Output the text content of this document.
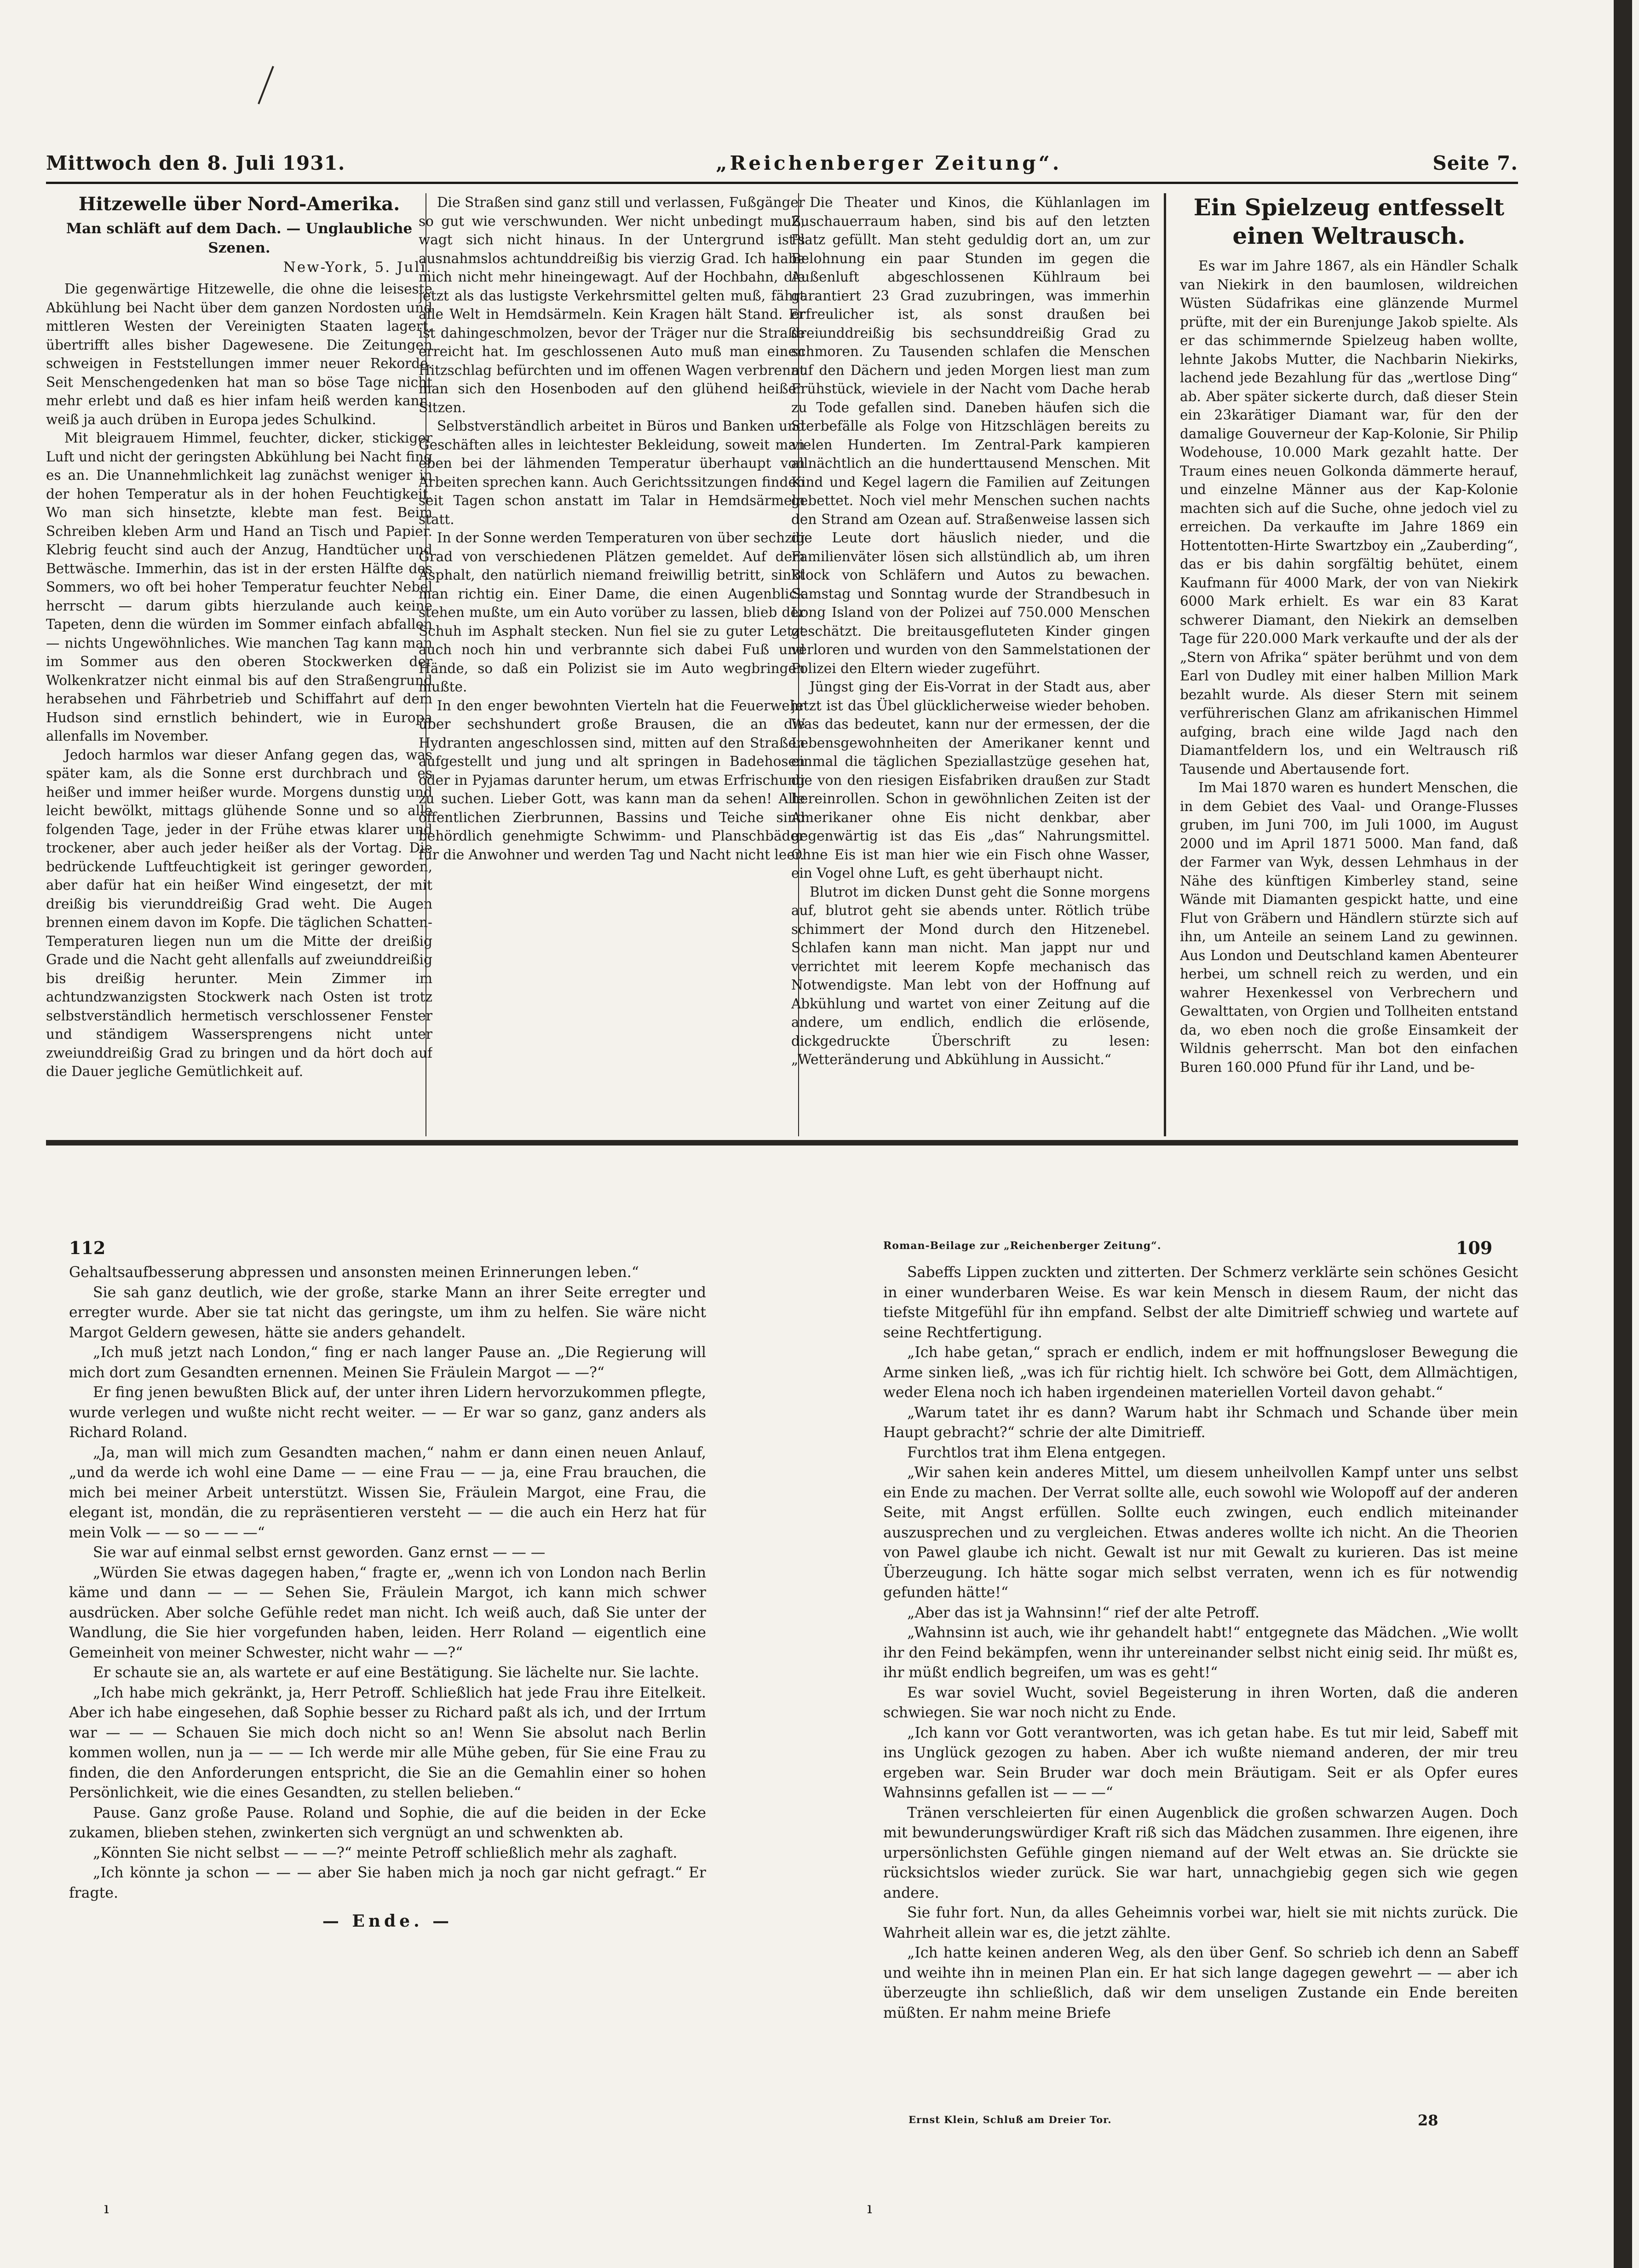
Mittwoch den 8. Juli 1931.	„Reichenberger Zeitung“.	Seite 7.
Hitzewelle über Nord-Amerika.
Man schläft auf dem Dach. — Unglaubliche Szenen.
New-York, 5. Juli.

Die gegenwärtige Hitzewelle, die ohne die leiseste Abkühlung bei Nacht über dem ganzen Nordosten und mittleren Westen der Vereinigten Staaten lagert, übertrifft alles bisher Dagewesene. Die Zeitungen schweigen in Feststellungen immer neuer Rekorde. Seit Menschengedenken hat man so böse Tage nicht mehr erlebt und daß es hier infam heiß werden kann, weiß ja auch drüben in Europa jedes Schulkind.

Mit bleigrauem Himmel, feuchter, dicker, stickiger Luft und nicht der geringsten Abkühlung bei Nacht fing es an. Die Unannehmlichkeit lag zunächst weniger in der hohen Temperatur als in der hohen Feuchtigkeit. Wo man sich hinsetzte, klebte man fest. Beim Schreiben kleben Arm und Hand an Tisch und Papier. Klebrig feucht sind auch der Anzug, Handtücher und Bettwäsche. Immerhin, das ist in der ersten Hälfte des Sommers, wo oft bei hoher Temperatur feuchter Nebel herrscht — darum gibts hierzulande auch keine Tapeten, denn die würden im Sommer einfach abfallen — nichts Ungewöhnliches. Wie manchen Tag kann man im Sommer aus den oberen Stockwerken der Wolkenkratzer nicht einmal bis auf den Straßengrund herabsehen und Fährbetrieb und Schiffahrt auf dem Hudson sind ernstlich behindert, wie in Europa allenfalls im November.

Jedoch harmlos war dieser Anfang gegen das, was später kam, als die Sonne erst durchbrach und es heißer und immer heißer wurde. Morgens dunstig und leicht bewölkt, mittags glühende Sonne und so alle folgenden Tage, jeder in der Frühe etwas klarer und trockener, aber auch jeder heißer als der Vortag. Die bedrückende Luftfeuchtigkeit ist geringer geworden, aber dafür hat ein heißer Wind eingesetzt, der mit dreißig bis vierunddreißig Grad weht. Die Augen brennen einem davon im Kopfe. Die täglichen Schatten-Temperaturen liegen nun um die Mitte der dreißig Grade und die Nacht geht allenfalls auf zweiunddreißig bis dreißig herunter. Mein Zimmer im achtundzwanzigsten Stockwerk nach Osten ist trotz selbstverständlich hermetisch verschlossener Fenster und ständigem Wassersprengens nicht unter zweiunddreißig Grad zu bringen und da hört doch auf die Dauer jegliche Gemütlichkeit auf.

Die Straßen sind ganz still und verlassen, Fußgänger so gut wie verschwunden. Wer nicht unbedingt muß, wagt sich nicht hinaus. In der Untergrund ist's ausnahmslos achtunddreißig bis vierzig Grad. Ich habe mich nicht mehr hineingewagt. Auf der Hochbahn, die jetzt als das lustigste Verkehrsmittel gelten muß, fährt alle Welt in Hemdsärmeln. Kein Kragen hält Stand. Er ist dahingeschmolzen, bevor der Träger nur die Straße erreicht hat. Im geschlossenen Auto muß man einen Hitzschlag befürchten und im offenen Wagen verbrennt man sich den Hosenboden auf den glühend heißen Sitzen.

Selbstverständlich arbeitet in Büros und Banken und Geschäften alles in leichtester Bekleidung, soweit man eben bei der lähmenden Temperatur überhaupt von Arbeiten sprechen kann. Auch Gerichtssitzungen finden seit Tagen schon anstatt im Talar in Hemdsärmeln statt.

In der Sonne werden Temperaturen von über sechzig Grad von verschiedenen Plätzen gemeldet. Auf dem Asphalt, den natürlich niemand freiwillig betritt, sinkt man richtig ein. Einer Dame, die einen Augenblick stehen mußte, um ein Auto vorüber zu lassen, blieb der Schuh im Asphalt stecken. Nun fiel sie zu guter Letzt auch noch hin und verbrannte sich dabei Fuß und Hände, so daß ein Polizist sie im Auto wegbringen mußte.

In den enger bewohnten Vierteln hat die Feuerwehr über sechshundert große Brausen, die an die Hydranten angeschlossen sind, mitten auf den Straßen aufgestellt und jung und alt springen in Badehosen oder in Pyjamas darunter herum, um etwas Erfrischung zu suchen. Lieber Gott, was kann man da sehen! Alle öffentlichen Zierbrunnen, Bassins und Teiche sind behördlich genehmigte Schwimm- und Planschbäder für die Anwohner und werden Tag und Nacht nicht leer.

Die Theater und Kinos, die Kühlanlagen im Zuschauerraum haben, sind bis auf den letzten Platz gefüllt. Man steht geduldig dort an, um zur Belohnung ein paar Stunden im gegen die Außenluft abgeschlossenen Kühlraum bei garantiert 23 Grad zuzubringen, was immerhin erfreulicher ist, als sonst draußen bei dreiunddreißig bis sechsunddreißig Grad zu schmoren. Zu Tausenden schlafen die Menschen auf den Dächern und jeden Morgen liest man zum Frühstück, wieviele in der Nacht vom Dache herab zu Tode gefallen sind. Daneben häufen sich die Sterbefälle als Folge von Hitzschlägen bereits zu vielen Hunderten. Im Zentral-Park kampieren allnächtlich an die hunderttausend Menschen. Mit Kind und Kegel lagern die Familien auf Zeitungen gebettet. Noch viel mehr Menschen suchen nachts den Strand am Ozean auf. Straßenweise lassen sich die Leute dort häuslich nieder, und die Familienväter lösen sich allstündlich ab, um ihren Block von Schläfern und Autos zu bewachen. Samstag und Sonntag wurde der Strandbesuch in Long Island von der Polizei auf 750.000 Menschen geschätzt. Die breitausgefluteten Kinder gingen verloren und wurden von den Sammelstationen der Polizei den Eltern wieder zugeführt.

Jüngst ging der Eis-Vorrat in der Stadt aus, aber jetzt ist das Übel glücklicherweise wieder behoben. Was das bedeutet, kann nur der ermessen, der die Lebensgewohnheiten der Amerikaner kennt und einmal die täglichen Speziallastzüge gesehen hat, die von den riesigen Eisfabriken draußen zur Stadt hereinrollen. Schon in gewöhnlichen Zeiten ist der Amerikaner ohne Eis nicht denkbar, aber gegenwärtig ist das Eis „das“ Nahrungsmittel. Ohne Eis ist man hier wie ein Fisch ohne Wasser, ein Vogel ohne Luft, es geht überhaupt nicht.

Blutrot im dicken Dunst geht die Sonne morgens auf, blutrot geht sie abends unter. Rötlich trübe schimmert der Mond durch den Hitzenebel. Schlafen kann man nicht. Man jappt nur und verrichtet mit leerem Kopfe mechanisch das Notwendigste. Man lebt von der Hoffnung auf Abkühlung und wartet von einer Zeitung auf die andere, um endlich, endlich die erlösende, dickgedruckte Überschrift zu lesen: „Wetteränderung und Abkühlung in Aussicht.“

Ein Spielzeug entfesselt einen Weltrausch.

Es war im Jahre 1867, als ein Händler Schalk van Niekirk in den baumlosen, wildreichen Wüsten Südafrikas eine glänzende Murmel prüfte, mit der ein Burenjunge Jakob spielte. Als er das schimmernde Spielzeug haben wollte, lehnte Jakobs Mutter, die Nachbarin Niekirks, lachend jede Bezahlung für das „wertlose Ding“ ab. Aber später sickerte durch, daß dieser Stein ein 23karätiger Diamant war, für den der damalige Gouverneur der Kap-Kolonie, Sir Philip Wodehouse, 10.000 Mark gezahlt hatte. Der Traum eines neuen Golkonda dämmerte herauf, und einzelne Männer aus der Kap-Kolonie machten sich auf die Suche, ohne jedoch viel zu erreichen. Da verkaufte im Jahre 1869 ein Hottentotten-Hirte Swartzboy ein „Zauberding“, das er bis dahin sorgfältig behütet, einem Kaufmann für 4000 Mark, der von van Niekirk 6000 Mark erhielt. Es war ein 83 Karat schwerer Diamant, den Niekirk an demselben Tage für 220.000 Mark verkaufte und der als der „Stern von Afrika“ später berühmt und von dem Earl von Dudley mit einer halben Million Mark bezahlt wurde. Als dieser Stern mit seinem verführerischen Glanz am afrikanischen Himmel aufging, brach eine wilde Jagd nach den Diamantfeldern los, und ein Weltrausch riß Tausende und Abertausende fort.

Im Mai 1870 waren es hundert Menschen, die in dem Gebiet des Vaal- und Orange-Flusses gruben, im Juni 700, im Juli 1000, im August 2000 und im April 1871 5000. Man fand, daß der Farmer van Wyk, dessen Lehmhaus in der Nähe des künftigen Kimberley stand, seine Wände mit Diamanten gespickt hatte, und eine Flut von Gräbern und Händlern stürzte sich auf ihn, um Anteile an seinem Land zu gewinnen. Aus London und Deutschland kamen Abenteurer herbei, um schnell reich zu werden, und ein wahrer Hexenkessel von Verbrechern und Gewalttaten, von Orgien und Tollheiten entstand da, wo eben noch die große Einsamkeit der Wildnis geherrscht. Man bot den einfachen Buren 160.000 Pfund für ihr Land, und be-

112

Gehaltsaufbesserung abpressen und ansonsten meinen Erinnerungen leben.“

Sie sah ganz deutlich, wie der große, starke Mann an ihrer Seite erregter und erregter wurde. Aber sie tat nicht das geringste, um ihm zu helfen. Sie wäre nicht Margot Geldern gewesen, hätte sie anders gehandelt.

„Ich muß jetzt nach London,“ fing er nach langer Pause an. „Die Regierung will mich dort zum Gesandten ernennen. Meinen Sie Fräulein Margot — —?“

Er fing jenen bewußten Blick auf, der unter ihren Lidern hervorzukommen pflegte, wurde verlegen und wußte nicht recht weiter. — — Er war so ganz, ganz anders als Richard Roland.

„Ja, man will mich zum Gesandten machen,“ nahm er dann einen neuen Anlauf, „und da werde ich wohl eine Dame — — eine Frau — — ja, eine Frau brauchen, die mich bei meiner Arbeit unterstützt. Wissen Sie, Fräulein Margot, eine Frau, die elegant ist, mondän, die zu repräsentieren versteht — — die auch ein Herz hat für mein Volk — — so — — —“

Sie war auf einmal selbst ernst geworden. Ganz ernst — — —

„Würden Sie etwas dagegen haben,“ fragte er, „wenn ich von London nach Berlin käme und dann — — — Sehen Sie, Fräulein Margot, ich kann mich schwer ausdrücken. Aber solche Gefühle redet man nicht. Ich weiß auch, daß Sie unter der Wandlung, die Sie hier vorgefunden haben, leiden. Herr Roland — eigentlich eine Gemeinheit von meiner Schwester, nicht wahr — —?“

Er schaute sie an, als wartete er auf eine Bestätigung. Sie lächelte nur. Sie lachte.

„Ich habe mich gekränkt, ja, Herr Petroff. Schließlich hat jede Frau ihre Eitelkeit. Aber ich habe eingesehen, daß Sophie besser zu Richard paßt als ich, und der Irrtum war — — — Schauen Sie mich doch nicht so an! Wenn Sie absolut nach Berlin kommen wollen, nun ja — — — Ich werde mir alle Mühe geben, für Sie eine Frau zu finden, die den Anforderungen entspricht, die Sie an die Gemahlin einer so hohen Persönlichkeit, wie die eines Gesandten, zu stellen belieben.“

Pause. Ganz große Pause. Roland und Sophie, die auf die beiden in der Ecke zukamen, blieben stehen, zwinkerten sich vergnügt an und schwenkten ab.

„Könnten Sie nicht selbst — — —?“ meinte Petroff schließlich mehr als zaghaft.

„Ich könnte ja schon — — — aber Sie haben mich ja noch gar nicht gefragt.“ Er fragte.

— Ende. —
Roman-Beilage zur „Reichenberger Zeitung“.	109

Sabeffs Lippen zuckten und zitterten. Der Schmerz verklärte sein schönes Gesicht in einer wunderbaren Weise. Es war kein Mensch in diesem Raum, der nicht das tiefste Mitgefühl für ihn empfand. Selbst der alte Dimitrieff schwieg und wartete auf seine Rechtfertigung.

„Ich habe getan,“ sprach er endlich, indem er mit hoffnungsloser Bewegung die Arme sinken ließ, „was ich für richtig hielt. Ich schwöre bei Gott, dem Allmächtigen, weder Elena noch ich haben irgendeinen materiellen Vorteil davon gehabt.“

„Warum tatet ihr es dann? Warum habt ihr Schmach und Schande über mein Haupt gebracht?“ schrie der alte Dimitrieff.

Furchtlos trat ihm Elena entgegen.

„Wir sahen kein anderes Mittel, um diesem unheilvollen Kampf unter uns selbst ein Ende zu machen. Der Verrat sollte alle, euch sowohl wie Wolopoff auf der anderen Seite, mit Angst erfüllen. Sollte euch zwingen, euch endlich miteinander auszusprechen und zu vergleichen. Etwas anderes wollte ich nicht. An die Theorien von Pawel glaube ich nicht. Gewalt ist nur mit Gewalt zu kurieren. Das ist meine Überzeugung. Ich hätte sogar mich selbst verraten, wenn ich es für notwendig gefunden hätte!“

„Aber das ist ja Wahnsinn!“ rief der alte Petroff.

„Wahnsinn ist auch, wie ihr gehandelt habt!“ entgegnete das Mädchen. „Wie wollt ihr den Feind bekämpfen, wenn ihr untereinander selbst nicht einig seid. Ihr müßt es, ihr müßt endlich begreifen, um was es geht!“

Es war soviel Wucht, soviel Begeisterung in ihren Worten, daß die anderen schwiegen. Sie war noch nicht zu Ende.

„Ich kann vor Gott verantworten, was ich getan habe. Es tut mir leid, Sabeff mit ins Unglück gezogen zu haben. Aber ich wußte niemand anderen, der mir treu ergeben war. Sein Bruder war doch mein Bräutigam. Seit er als Opfer eures Wahnsinns gefallen ist — — —“

Tränen verschleierten für einen Augenblick die großen schwarzen Augen. Doch mit bewunderungswürdiger Kraft riß sich das Mädchen zusammen. Ihre eigenen, ihre urpersönlichsten Gefühle gingen niemand auf der Welt etwas an. Sie drückte sie rücksichtslos wieder zurück. Sie war hart, unnachgiebig gegen sich wie gegen andere.

Sie fuhr fort. Nun, da alles Geheimnis vorbei war, hielt sie mit nichts zurück. Die Wahrheit allein war es, die jetzt zählte.

„Ich hatte keinen anderen Weg, als den über Genf. So schrieb ich denn an Sabeff und weihte ihn in meinen Plan ein. Er hat sich lange dagegen gewehrt — — aber ich überzeugte ihn schließlich, daß wir dem unseligen Zustande ein Ende bereiten müßten. Er nahm meine Briefe

Ernst Klein, Schluß am Dreier Tor.	28
ı	ı
